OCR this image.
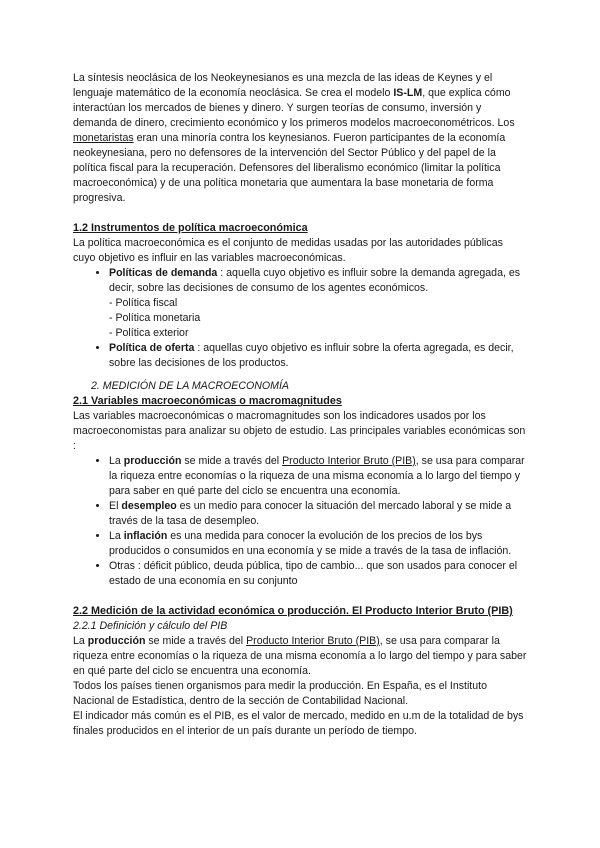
La síntesis neoclásica de los Neokeynesianos es una mezcla de las ideas de Keynes y el lenguaje matemático de la economía neoclásica. Se crea el modelo IS-LM, que explica cómo interactúan los mercados de bienes y dinero. Y surgen teorías de consumo, inversión y demanda de dinero, crecimiento económico y los primeros modelos macroeconométricos. Los monetaristas eran una minoría contra los keynesianos. Fueron participantes de la economía neokeynesiana, pero no defensores de la intervención del Sector Público y del papel de la política fiscal para la recuperación. Defensores del liberalismo económico (limitar la política macroeconómica) y de una política monetaria que aumentara la base monetaria de forma progresiva.

1.2 Instrumentos de política macroeconómica

La política macroeconómica es el conjunto de medidas usadas por las autoridades públicas cuyo objetivo es influir en las variables macroeconómicas.

• Políticas de demanda : aquella cuyo objetivo es influir sobre la demanda agregada, es decir, sobre las decisiones de consumo de los agentes económicos.
- Política fiscal
- Política monetaria
- Política exterior
• Política de oferta : aquellas cuyo objetivo es influir sobre la oferta agregada, es decir, sobre las decisiones de los productos.

2. MEDICIÓN DE LA MACROECONOMÍA

2.1 Variables macroeconómicas o macromagnitudes

Las variables macroeconómicas o macromagnitudes son los indicadores usados por los macroeconomistas para analizar su objeto de estudio. Las principales variables económicas son :

• La producción se mide a través del Producto Interior Bruto (PIB), se usa para comparar la riqueza entre economías o la riqueza de una misma economía a lo largo del tiempo y para saber en qué parte del ciclo se encuentra una economía.
• El desempleo es un medio para conocer la situación del mercado laboral y se mide a través de la tasa de desempleo.
• La inflación es una medida para conocer la evolución de los precios de los bys producidos o consumidos en una economía y se mide a través de la tasa de inflación.
• Otras : déficit público, deuda pública, tipo de cambio... que son usados para conocer el estado de una economía en su conjunto
2.2 Medición de la actividad económica o producción. El Producto Interior Bruto (PIB)

2.2.1 Definición y cálculo del PIB

La producción se mide a través del Producto Interior Bruto (PIB), se usa para comparar la riqueza entre economías o la riqueza de una misma economía a lo largo del tiempo y para saber en qué parte del ciclo se encuentra una economía.

Todos los países tienen organismos para medir la producción. En España, es el Instituto Nacional de Estadística, dentro de la sección de Contabilidad Nacional.

El indicador más común es el PIB, es el valor de mercado, medido en u.m de la totalidad de bys finales producidos en el interior de un país durante un período de tiempo.
